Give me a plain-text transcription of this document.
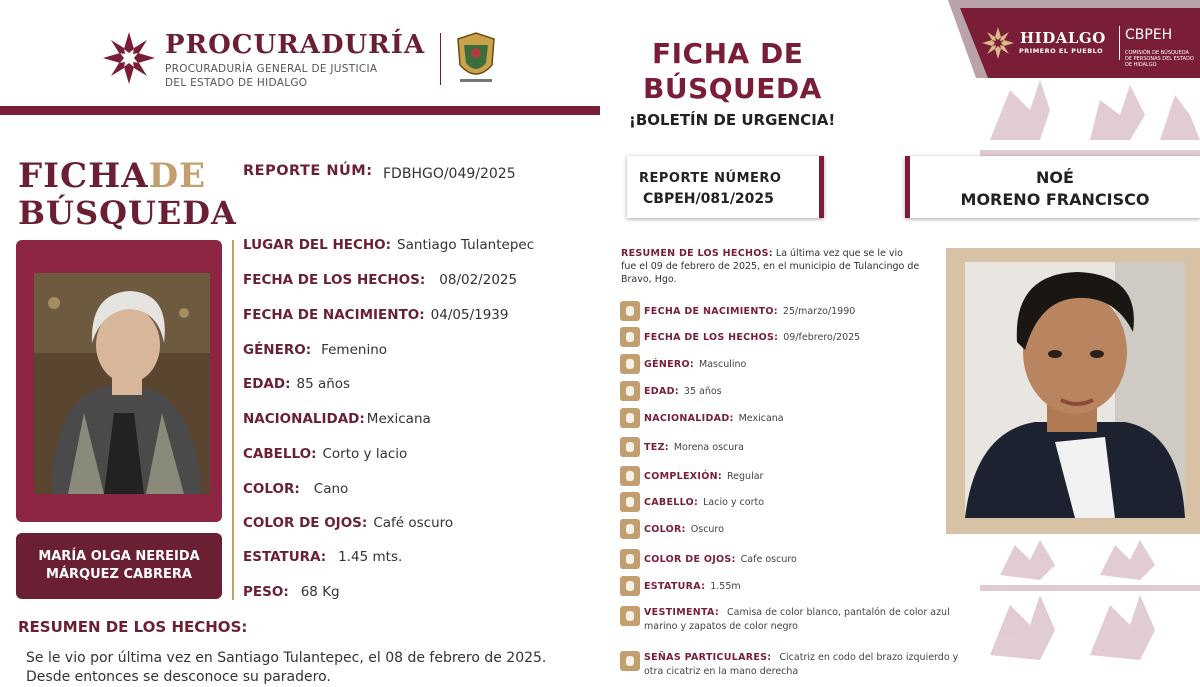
PROCURADURÍA
PROCURADURÍA GENERAL DE JUSTICIA
DEL ESTADO DE HIDALGO
FICHADE
BÚSQUEDA
REPORTE NÚM: FDBHGO/049/2025
MARÍA OLGA NEREIDA
MÁRQUEZ CABRERA
LUGAR DEL HECHO: Santiago Tulantepec
FECHA DE LOS HECHOS: 08/02/2025
FECHA DE NACIMIENTO: 04/05/1939
GÉNERO: Femenino
EDAD: 85 años
NACIONALIDAD: Mexicana
CABELLO: Corto y lacio
COLOR: Cano
COLOR DE OJOS: Café oscuro
ESTATURA: 1.45 mts.
PESO: 68 Kg
RESUMEN DE LOS HECHOS:
Se le vio por última vez en Santiago Tulantepec, el 08 de febrero de 2025. Desde entonces se desconoce su paradero.
HIDALGO
PRIMERO EL PUEBLO
CBPEH
COMISIÓN DE BÚSQUEDA DE PERSONAS DEL ESTADO DE HIDALGO
FICHA DE
BÚSQUEDA
¡BOLETÍN DE URGENCIA!
REPORTE NÚMERO
CBPEH/081/2025
NOÉ
MORENO FRANCISCO
RESUMEN DE LOS HECHOS: La última vez que se le vio fue el 09 de febrero de 2025, en el municipio de Tulancingo de Bravo, Hgo.
FECHA DE NACIMIENTO: 25/marzo/1990
FECHA DE LOS HECHOS: 09/febrero/2025
GÉNERO: Masculino
EDAD: 35 años
NACIONALIDAD: Mexicana
TEZ: Morena oscura
COMPLEXIÓN: Regular
CABELLO: Lacio y corto
COLOR: Oscuro
COLOR DE OJOS: Cafe oscuro
ESTATURA: 1.55m
VESTIMENTA: Camisa de color blanco, pantalón de color azul marino y zapatos de color negro
SEÑAS PARTICULARES: Cicatriz en codo del brazo izquierdo y otra cicatriz en la mano derecha
